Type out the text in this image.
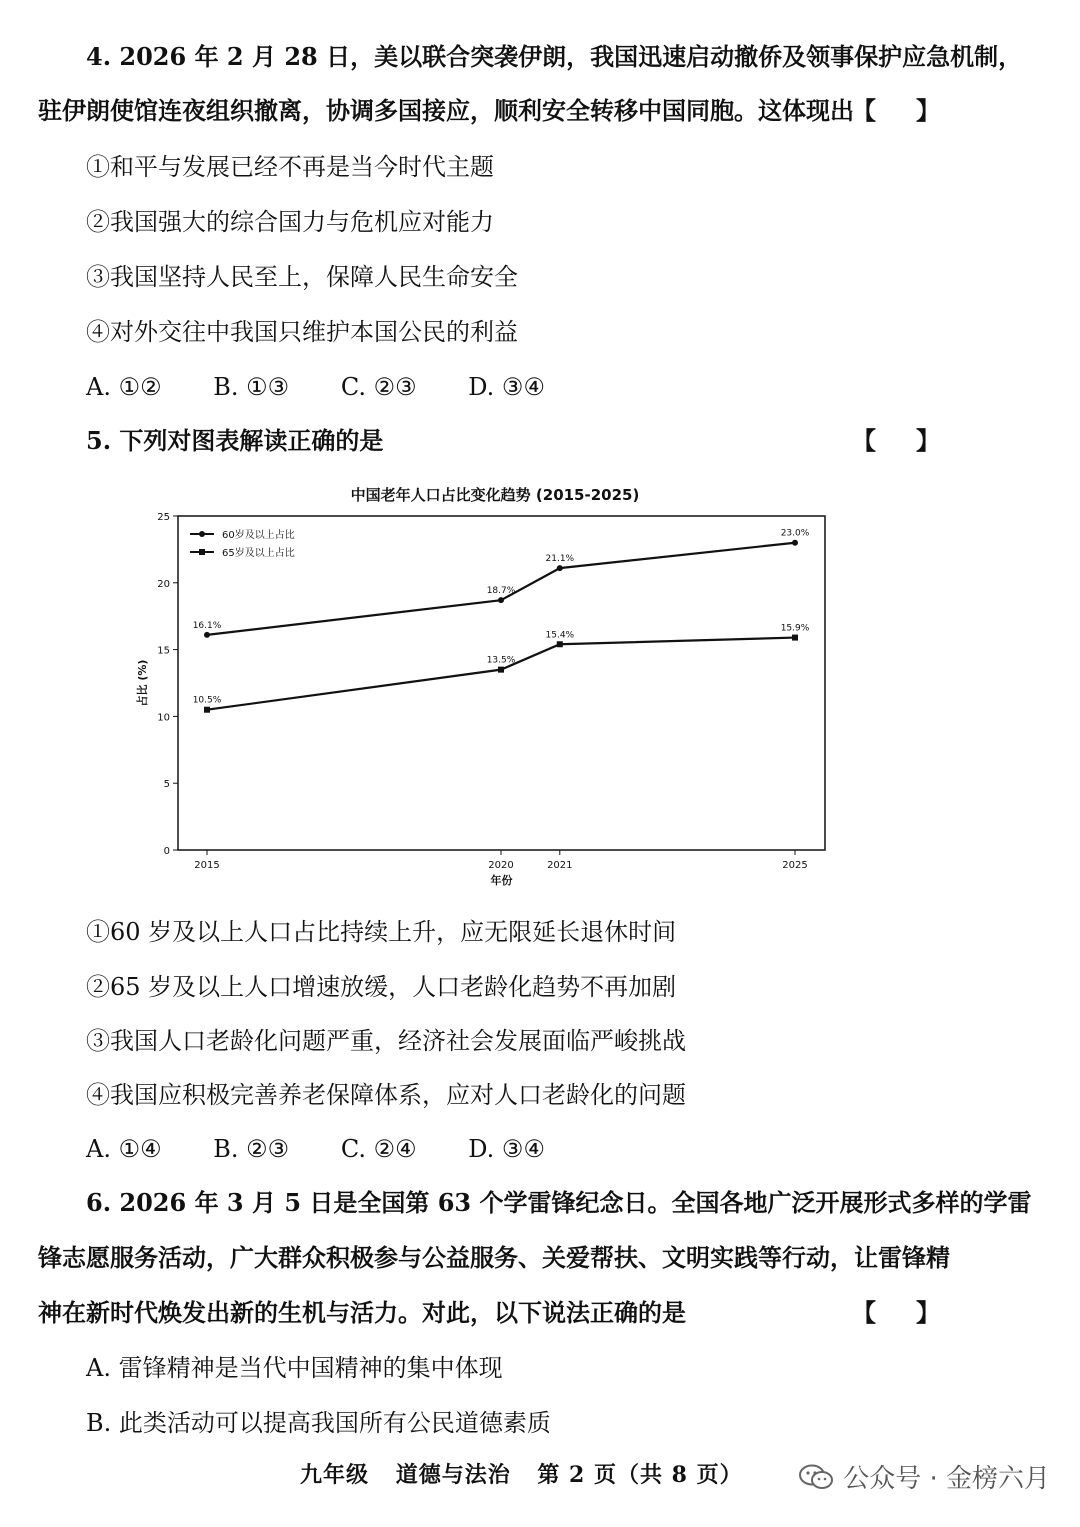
4. 2026 年 2 月 28 日，美以联合突袭伊朗，我国迅速启动撤侨及领事保护应急机制，
驻伊朗使馆连夜组织撤离，协调多国接应，顺利安全转移中国同胞。这体现出
【】
①和平与发展已经不再是当今时代主题
②我国强大的综合国力与危机应对能力
③我国坚持人民至上，保障人民生命安全
④对外交往中我国只维护本国公民的利益
A. ①② B. ①③ C. ②③ D. ③④
5. 下列对图表解读正确的是	【】
中国老年人口占比变化趋势 (2015-2025)
0
5
10
15
20
25
2015	2020	2021	2025
年份
占比 (%)
16.1%
18.7%
21.1%
23.0%
10.5%
13.5%
15.4%
15.9%
60岁及以上占比
65岁及以上占比
①60 岁及以上人口占比持续上升，应无限延长退休时间
②65 岁及以上人口增速放缓，人口老龄化趋势不再加剧
③我国人口老龄化问题严重，经济社会发展面临严峻挑战
④我国应积极完善养老保障体系，应对人口老龄化的问题
A. ①④ B. ②③ C. ②④ D. ③④
6. 2026 年 3 月 5 日是全国第 63 个学雷锋纪念日。全国各地广泛开展形式多样的学雷
锋志愿服务活动，广大群众积极参与公益服务、关爱帮扶、文明实践等行动，让雷锋精
神在新时代焕发出新的生机与活力。对此，以下说法正确的是	【】
A. 雷锋精神是当代中国精神的集中体现
B. 此类活动可以提高我国所有公民道德素质
九年级 道德与法治 第 2 页（共 8 页）	公众号 · 金榜六月
